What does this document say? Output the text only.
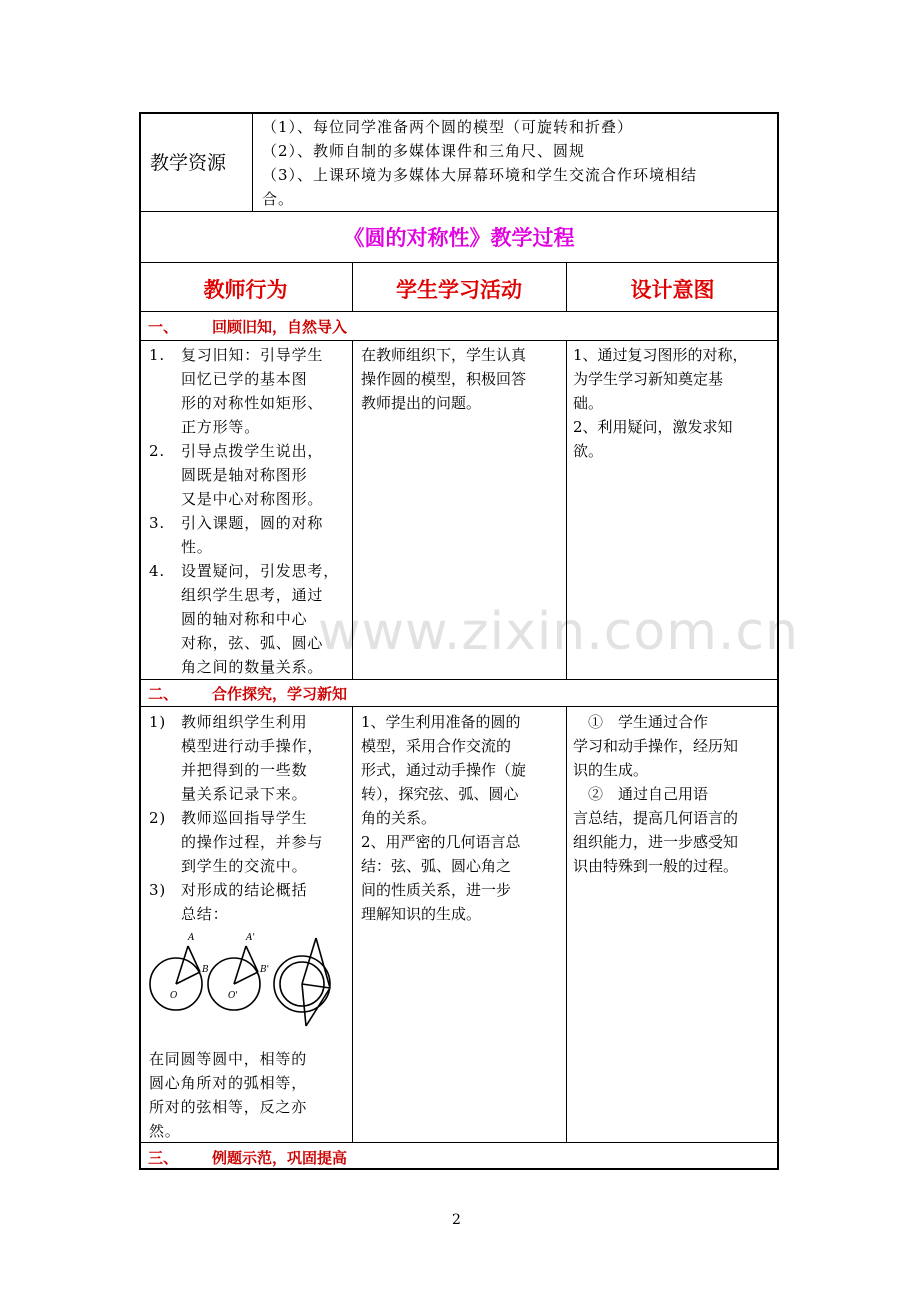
www.zixin.com.cn
教学资源
（1）、每位同学准备两个圆的模型（可旋转和折叠）
（2）、教师自制的多媒体课件和三角尺、圆规
（3）、上课环境为多媒体大屏幕环境和学生交流合作环境相结
合。
《圆的对称性》教学过程
教师行为	学生学习活动	设计意图
一、 回顾旧知，自然导入
二、 合作探究，学习新知
三、 例题示范，巩固提高
1. 复习旧知：引导学生
回忆已学的基本图
形的对称性如矩形、
正方形等。
2. 引导点拨学生说出，
圆既是轴对称图形
又是中心对称图形。
3. 引入课题，圆的对称
性。
4. 设置疑问，引发思考，
组织学生思考，通过
圆的轴对称和中心
对称，弦、弧、圆心
角之间的数量关系。
在教师组织下，学生认真
操作圆的模型，积极回答
教师提出的问题。
1、通过复习图形的对称，
为学生学习新知奠定基
础。
2、利用疑问，激发求知
欲。
1) 教师组织学生利用
模型进行动手操作，
并把得到的一些数
量关系记录下来。
2) 教师巡回指导学生
的操作过程，并参与
到学生的交流中。
3) 对形成的结论概括
总结：
A
B
O
A'
B'
O'
在同圆等圆中，相等的
圆心角所对的弧相等，
所对的弦相等，反之亦
然。
1、学生利用准备的圆的
模型，采用合作交流的
形式，通过动手操作（旋
转），探究弦、弧、圆心
角的关系。
2、用严密的几何语言总
结：弦、弧、圆心角之
间的性质关系，进一步
理解知识的生成。
　①　学生通过合作
学习和动手操作，经历知
识的生成。
　②　通过自己用语
言总结，提高几何语言的
组织能力，进一步感受知
识由特殊到一般的过程。
2
